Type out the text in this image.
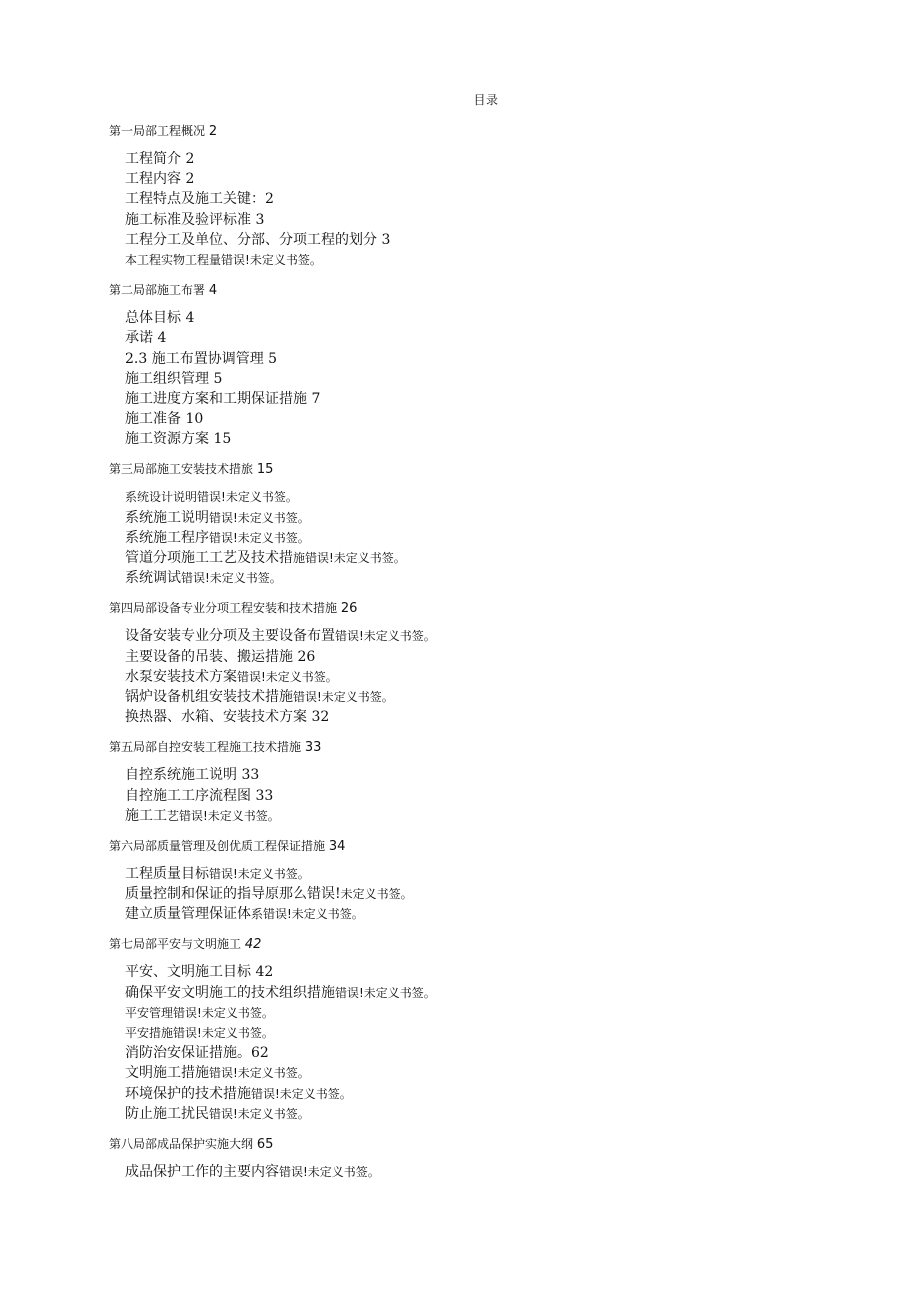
目录
第一局部工程概况 2
工程简介 2
工程内容 2
工程特点及施工关键：2
施工标准及验评标准 3
工程分工及单位、分部、分项工程的划分 3
本工程实物工程量错误!未定义书签。
第二局部施工布署 4
总体目标 4
承诺 4
2.3 施工布置协调管理 5
施工组织管理 5
施工进度方案和工期保证措施 7
施工准备 10
施工资源方案 15
第三局部施工安装技术措旅 15
系统设计说明错误!未定义书签。
系统施工说明错误!未定义书签。
系统施工程序错误!未定义书签。
管道分项施工工艺及技术措施错误!未定义书签。
系统调试错误!未定义书签。
第四局部设备专业分项工程安装和技术措施 26
设备安装专业分项及主要设备布置错误!未定义书签。
主要设备的吊装、搬运措施 26
水泵安装技术方案错误!未定义书签。
锅炉设备机组安装技术措施错误!未定义书签。
换热器、水箱、安装技术方案 32
第五局部自控安装工程施工技术措施 33
自控系统施工说明 33
自控施工工序流程图 33
施工工艺错误!未定义书签。
第六局部质量管理及创优质工程保证措施 34
工程质量目标错误!未定义书签。
质量控制和保证的指导原那么错误!未定义书签。
建立质量管理保证体系错误!未定义书签。
第七局部平安与文明施工 42
平安、文明施工目标 42
确保平安文明施工的技术组织措施错误!未定义书签。
平安管理错误!未定义书签。
平安措施错误!未定义书签。
消防治安保证措施。62
文明施工措施错误!未定义书签。
环境保护的技术措施错误!未定义书签。
防止施工扰民错误!未定义书签。
第八局部成品保护实施大纲 65
成品保护工作的主要内容错误!未定义书签。
